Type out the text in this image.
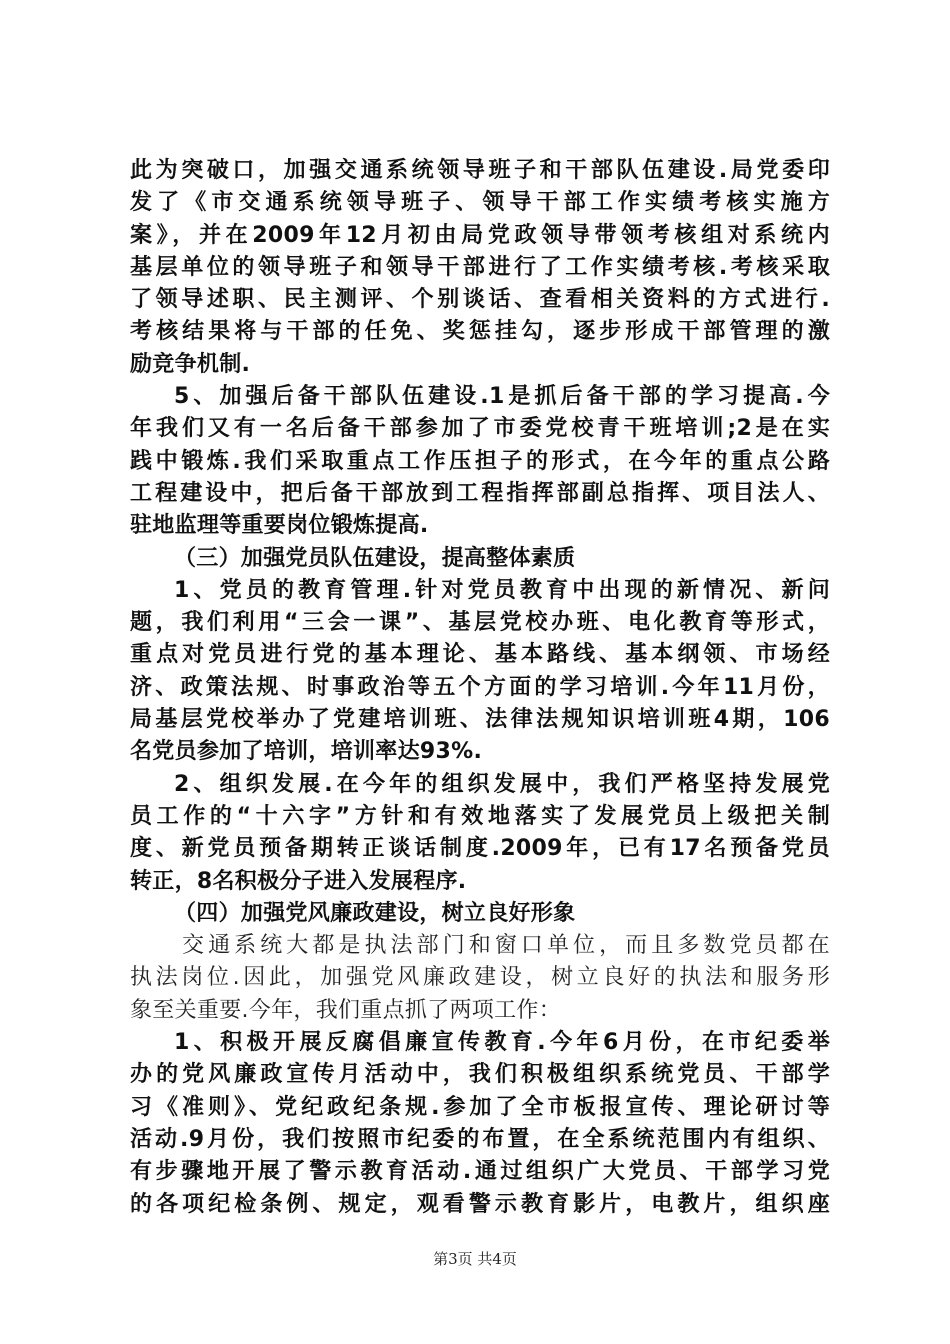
此为突破口，加强交通系统领导班子和干部队伍建设.局党委印
发了《市交通系统领导班子、领导干部工作实绩考核实施方
案》，并在2009年12月初由局党政领导带领考核组对系统内
基层单位的领导班子和领导干部进行了工作实绩考核.考核采取
了领导述职、民主测评、个别谈话、查看相关资料的方式进行.
考核结果将与干部的任免、奖惩挂勾，逐步形成干部管理的激
励竞争机制.
5、加强后备干部队伍建设.1是抓后备干部的学习提高.今
年我们又有一名后备干部参加了市委党校青干班培训;2是在实
践中锻炼.我们采取重点工作压担子的形式，在今年的重点公路
工程建设中，把后备干部放到工程指挥部副总指挥、项目法人、
驻地监理等重要岗位锻炼提高.
（三）加强党员队伍建设，提高整体素质
1、党员的教育管理.针对党员教育中出现的新情况、新问
题，我们利用“三会一课”、基层党校办班、电化教育等形式，
重点对党员进行党的基本理论、基本路线、基本纲领、市场经
济、政策法规、时事政治等五个方面的学习培训.今年11月份，
局基层党校举办了党建培训班、法律法规知识培训班4期，106
名党员参加了培训，培训率达93%.
2、组织发展.在今年的组织发展中，我们严格坚持发展党
员工作的“十六字”方针和有效地落实了发展党员上级把关制
度、新党员预备期转正谈话制度.2009年，已有17名预备党员
转正，8名积极分子进入发展程序.
（四）加强党风廉政建设，树立良好形象
交通系统大都是执法部门和窗口单位，而且多数党员都在
执法岗位.因此，加强党风廉政建设，树立良好的执法和服务形
象至关重要.今年，我们重点抓了两项工作：
1、积极开展反腐倡廉宣传教育.今年6月份，在市纪委举
办的党风廉政宣传月活动中，我们积极组织系统党员、干部学
习《准则》、党纪政纪条规.参加了全市板报宣传、理论研讨等
活动.9月份，我们按照市纪委的布置，在全系统范围内有组织、
有步骤地开展了警示教育活动.通过组织广大党员、干部学习党
的各项纪检条例、规定，观看警示教育影片，电教片，组织座
第3页 共4页
